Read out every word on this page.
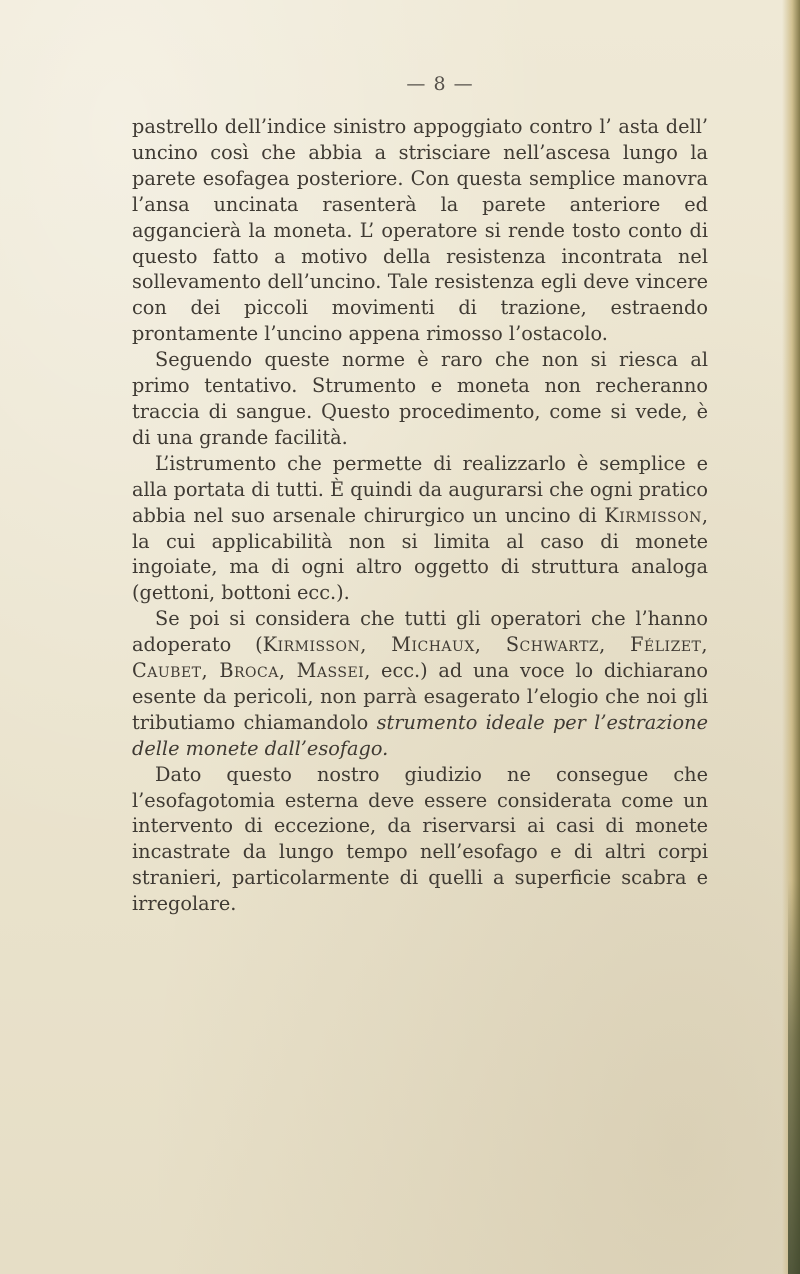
— 8 —

pastrello dell’indice sinistro appoggiato contro l’ asta dell’ uncino così che abbia a strisciare nell’ascesa lungo la parete esofagea posteriore. Con questa semplice manovra l’ansa uncinata rasenterà la parete anteriore ed aggancierà la moneta. L’ operatore si rende tosto conto di questo fatto a motivo della resistenza incontrata nel sollevamento dell’uncino. Tale resistenza egli deve vincere con dei piccoli movimenti di trazione, estraendo prontamente l’uncino appena rimosso l’ostacolo.

Seguendo queste norme è raro che non si riesca al primo tentativo. Strumento e moneta non recheranno traccia di sangue. Questo procedimento, come si vede, è di una grande facilità.

L’istrumento che permette di realizzarlo è semplice e alla portata di tutti. È quindi da augurarsi che ogni pratico abbia nel suo arsenale chirurgico un uncino di Kirmisson, la cui applicabilità non si limita al caso di monete ingoiate, ma di ogni altro oggetto di struttura analoga (gettoni, bottoni ecc.).

Se poi si considera che tutti gli operatori che l’hanno adoperato (Kirmisson, Michaux, Schwartz, Félizet, Caubet, Broca, Massei, ecc.) ad una voce lo dichiarano esente da pericoli, non parrà esagerato l’elogio che noi gli tributiamo chiamandolo strumento ideale per l’estrazione delle monete dall’esofago.

Dato questo nostro giudizio ne consegue che l’esofagotomia esterna deve essere considerata come un intervento di eccezione, da riservarsi ai casi di monete incastrate da lungo tempo nell’esofago e di altri corpi stranieri, particolarmente di quelli a superficie scabra e irregolare.
